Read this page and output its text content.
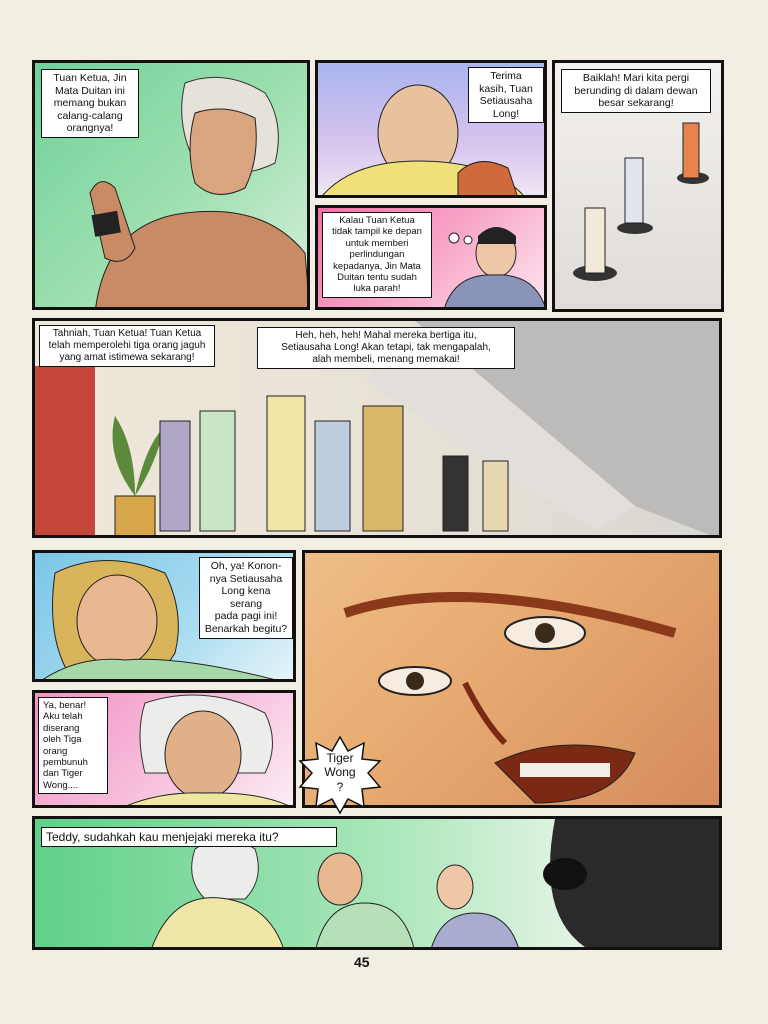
Tuan Ketua, Jin
Mata Duitan ini
memang bukan
calang-calang
orangnya!
Terima
kasih, Tuan
Setiausaha
Long!
Baiklah! Mari kita pergi
berunding di dalam dewan
besar sekarang!
Kalau Tuan Ketua
tidak tampil ke depan
untuk memberi
perlindungan
kepadanya, Jin Mata
Duitan tentu sudah
luka parah!
Tahniah, Tuan Ketua! Tuan Ketua
telah memperolehi tiga orang jaguh
yang amat istimewa sekarang!
Heh, heh, heh! Mahal mereka bertiga itu,
Setiausaha Long! Akan tetapi, tak mengapalah,
alah membeli, menang memakai!
Oh, ya! Konon-
nya Setiausaha
Long kena serang
pada pagi ini!
Benarkah begitu?
Ya, benar!
Aku telah
diserang
oleh Tiga
orang
pembunuh
dan Tiger
Wong....
Tiger
Wong
?
Teddy, sudahkah kau menjejaki mereka itu?
45
